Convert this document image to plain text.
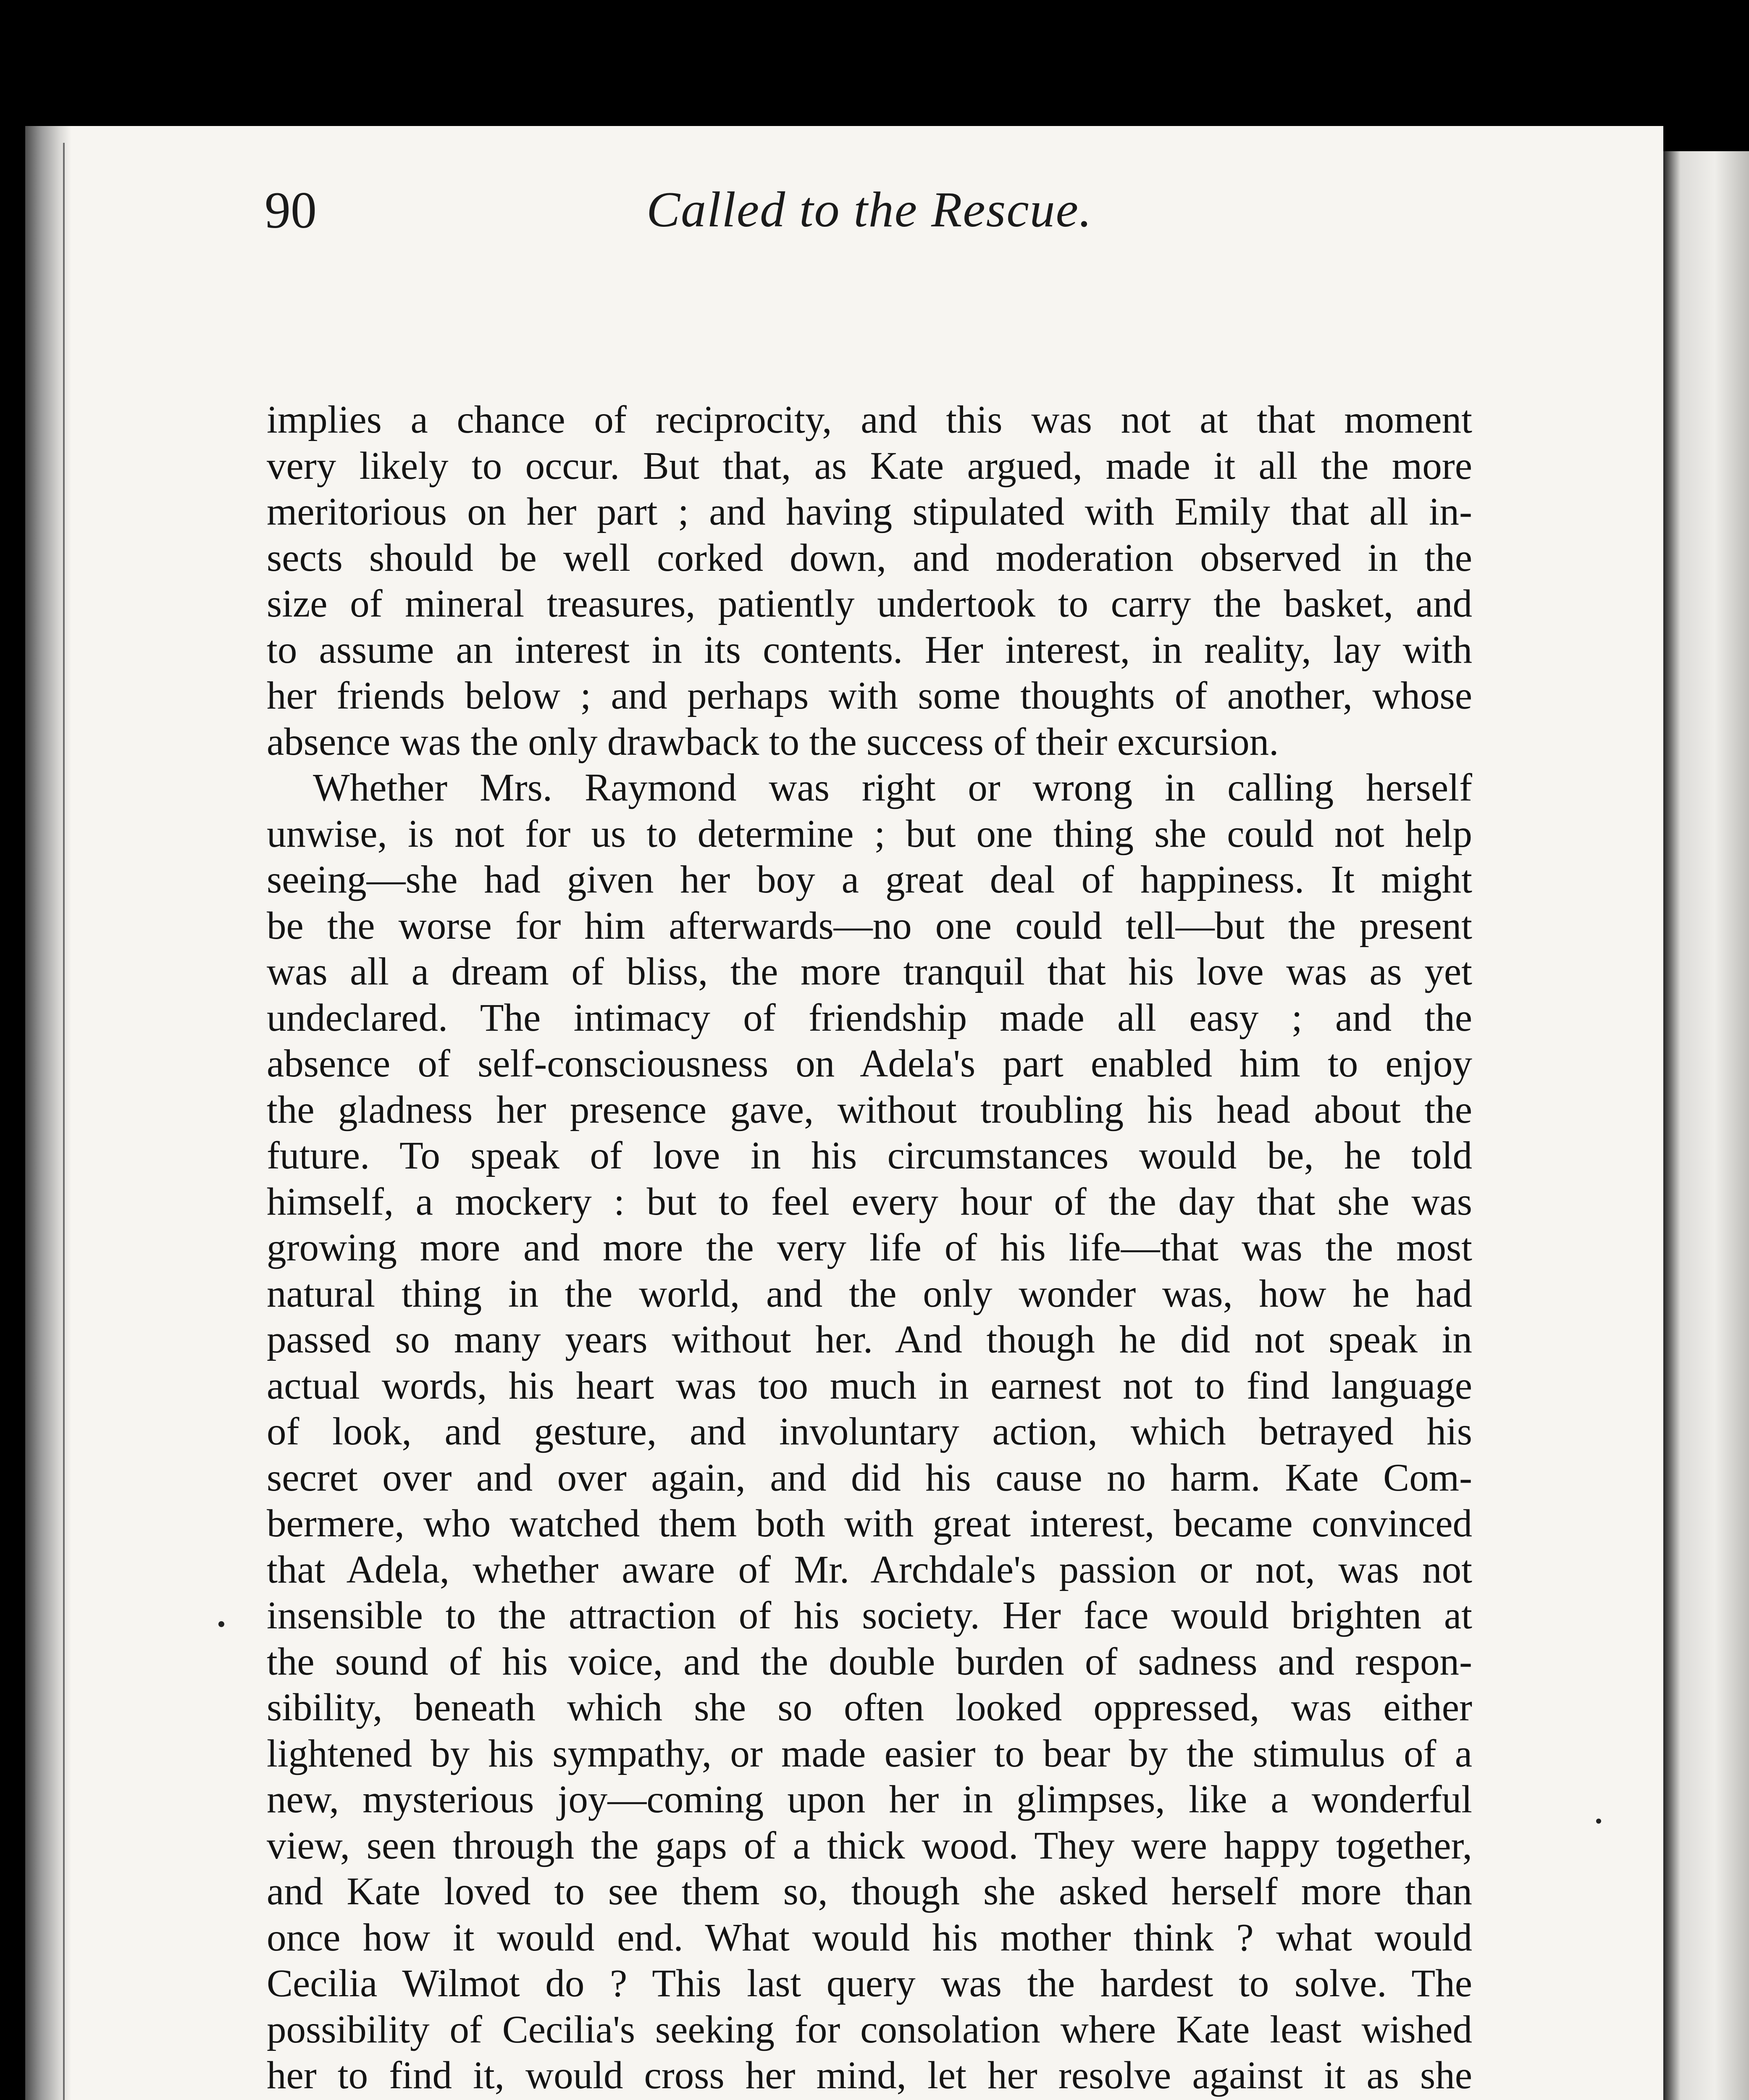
90	Called to the Rescue.
implies a chance of reciprocity, and this was not at that moment
very likely to occur. But that, as Kate argued, made it all the more
meritorious on her part ; and having stipulated with Emily that all in-
sects should be well corked down, and moderation observed in the
size of mineral treasures, patiently undertook to carry the basket, and
to assume an interest in its contents. Her interest, in reality, lay with
her friends below ; and perhaps with some thoughts of another, whose
absence was the only drawback to the success of their excursion.
Whether Mrs. Raymond was right or wrong in calling herself
unwise, is not for us to determine ; but one thing she could not help
seeing—she had given her boy a great deal of happiness. It might
be the worse for him afterwards—no one could tell—but the present
was all a dream of bliss, the more tranquil that his love was as yet
undeclared. The intimacy of friendship made all easy ; and the
absence of self-consciousness on Adela's part enabled him to enjoy
the gladness her presence gave, without troubling his head about the
future. To speak of love in his circumstances would be, he told
himself, a mockery : but to feel every hour of the day that she was
growing more and more the very life of his life—that was the most
natural thing in the world, and the only wonder was, how he had
passed so many years without her. And though he did not speak in
actual words, his heart was too much in earnest not to find language
of look, and gesture, and involuntary action, which betrayed his
secret over and over again, and did his cause no harm. Kate Com-
bermere, who watched them both with great interest, became convinced
that Adela, whether aware of Mr. Archdale's passion or not, was not
insensible to the attraction of his society. Her face would brighten at
the sound of his voice, and the double burden of sadness and respon-
sibility, beneath which she so often looked oppressed, was either
lightened by his sympathy, or made easier to bear by the stimulus of a
new, mysterious joy—coming upon her in glimpses, like a wonderful
view, seen through the gaps of a thick wood. They were happy together,
and Kate loved to see them so, though she asked herself more than
once how it would end. What would his mother think ? what would
Cecilia Wilmot do ? This last query was the hardest to solve. The
possibility of Cecilia's seeking for consolation where Kate least wished
her to find it, would cross her mind, let her resolve against it as she
